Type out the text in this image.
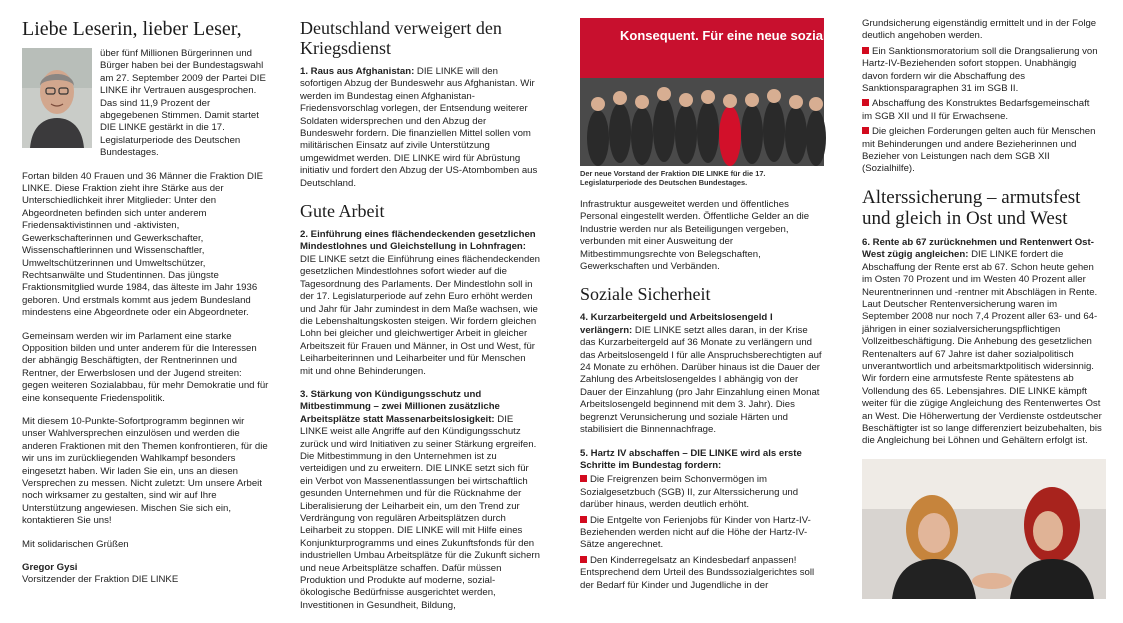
Liebe Leserin, lieber Leser,

über fünf Millionen Bürgerinnen und Bürger haben bei der Bundestagswahl am 27. September 2009 der Partei DIE LINKE ihr Vertrauen ausgesprochen. Das sind 11,9 Prozent der abgegebenen Stimmen. Damit startet DIE LINKE gestärkt in die 17. Legislaturperiode des Deutschen Bundestages.

Fortan bilden 40 Frauen und 36 Männer die Fraktion DIE LINKE. Diese Fraktion zieht ihre Stärke aus der Unterschiedlichkeit ihrer Mitglieder: Unter den Abgeordneten befinden sich unter anderem Friedensaktivistinnen und -aktivisten, Gewerkschafterinnen und Gewerkschafter, Wissenschaftlerinnen und Wissenschaftler, Umweltschützerinnen und Umweltschützer, Rechtsanwälte und Studentinnen. Das jüngste Fraktionsmitglied wurde 1984, das älteste im Jahr 1936 geboren. Und erstmals kommt aus jedem Bundesland mindestens eine Abgeordnete oder ein Abgeordneter.

Gemeinsam werden wir im Parlament eine starke Opposition bilden und unter anderem für die Interessen der abhängig Beschäftigten, der Rentnerinnen und Rentner, der Erwerbslosen und der Jugend streiten: gegen weiteren Sozialabbau, für mehr Demokratie und für eine konsequente Friedenspolitik.

Mit diesem 10-Punkte-Sofortprogramm beginnen wir unser Wahlversprechen einzulösen und werden die anderen Fraktionen mit den Themen konfrontieren, für die wir uns im zurückliegenden Wahlkampf besonders eingesetzt haben. Wir laden Sie ein, uns an diesen Versprechen zu messen. Nicht zuletzt: Um unsere Arbeit noch wirksamer zu gestalten, sind wir auf Ihre Unterstützung angewiesen. Mischen Sie sich ein, kontaktieren Sie uns!

Mit solidarischen Grüßen

Gregor Gysi
Vorsitzender der Fraktion DIE LINKE
Deutschland verweigert den Kriegsdienst

1. Raus aus Afghanistan: DIE LINKE will den sofortigen Abzug der Bundeswehr aus Afghanistan. Wir werden im Bundestag einen Afghanistan-Friedensvorschlag vorlegen, der Entsendung weiterer Soldaten widersprechen und den Abzug der Bundeswehr fordern. Die finanziellen Mittel sollen vom militärischen Einsatz auf zivile Unterstützung umgewidmet werden. DIE LINKE wird für Abrüstung initiativ und fordert den Abzug der US-Atombomben aus Deutschland.

Gute Arbeit

2. Einführung eines flächendeckenden gesetzlichen Mindestlohnes und Gleichstellung in Lohnfragen: DIE LINKE setzt die Einführung eines flächendeckenden gesetzlichen Mindestlohnes sofort wieder auf die Tagesordnung des Parlaments. Der Mindestlohn soll in der 17. Legislaturperiode auf zehn Euro erhöht werden und Jahr für Jahr zumindest in dem Maße wachsen, wie die Lebenshaltungskosten steigen. Wir fordern gleichen Lohn bei gleicher und gleichwertiger Arbeit in gleicher Arbeitszeit für Frauen und Männer, in Ost und West, für Leiharbeiterinnen und Leiharbeiter und für Menschen mit und ohne Behinderungen.

3. Stärkung von Kündigungsschutz und Mitbestimmung – zwei Millionen zusätzliche Arbeitsplätze statt Massenarbeitslosigkeit: DIE LINKE weist alle Angriffe auf den Kündigungsschutz zurück und wird Initiativen zu seiner Stärkung ergreifen. Die Mitbestimmung in den Unternehmen ist zu verteidigen und zu erweitern. DIE LINKE setzt sich für ein Verbot von Massenentlassungen bei wirtschaftlich gesunden Unternehmen und für die Rücknahme der Liberalisierung der Leiharbeit ein, um den Trend zur Verdrängung von regulären Arbeitsplätzen durch Leiharbeit zu stoppen. DIE LINKE will mit Hilfe eines Konjunkturprogramms und eines Zukunftsfonds für den industriellen Umbau Arbeitsplätze für die Zukunft sichern und neue Arbeitsplätze schaffen. Dafür müssen Produktion und Produkte auf moderne, sozial-ökologische Bedürfnisse ausgerichtet werden, Investitionen in Gesundheit, Bildung,

Konsequent. Für eine neue soziale Idee.

Der neue Vorstand der Fraktion DIE LINKE für die 17. Legislaturperiode des Deutschen Bundestages.

Infrastruktur ausgeweitet werden und öffentliches Personal eingestellt werden. Öffentliche Gelder an die Industrie werden nur als Beteiligungen vergeben, verbunden mit einer Ausweitung der Mitbestimmungsrechte von Belegschaften, Gewerkschaften und Verbänden.

Soziale Sicherheit

4. Kurzarbeitergeld und Arbeitslosengeld I verlängern: DIE LINKE setzt alles daran, in der Krise das Kurzarbeitergeld auf 36 Monate zu verlängern und das Arbeitslosengeld I für alle Anspruchsberechtigten auf 24 Monate zu erhöhen. Darüber hinaus ist die Dauer der Zahlung des Arbeitslosengeldes I abhängig von der Dauer der Einzahlung (pro Jahr Einzahlung einen Monat Arbeitslosengeld beginnend mit dem 3. Jahr). Dies begrenzt Verunsicherung und soziale Härten und stabilisiert die Binnennachfrage.

5. Hartz IV abschaffen – DIE LINKE wird als erste Schritte im Bundestag fordern:

Die Freigrenzen beim Schonvermögen im Sozialgesetzbuch (SGB) II, zur Alterssicherung und darüber hinaus, werden deutlich erhöht.

Die Entgelte von Ferienjobs für Kinder von Hartz-IV-Beziehenden werden nicht auf die Höhe der Hartz-IV-Sätze angerechnet.

Den Kinderregelsatz an Kindesbedarf anpassen! Entsprechend dem Urteil des Bundssozialgerichtes soll der Bedarf für Kinder und Jugendliche in der

Grundsicherung eigenständig ermittelt und in der Folge deutlich angehoben werden.

Ein Sanktionsmoratorium soll die Drangsalierung von Hartz-IV-Beziehenden sofort stoppen. Unabhängig davon fordern wir die Abschaffung des Sanktionsparagraphen 31 im SGB II.

Abschaffung des Konstruktes Bedarfsgemeinschaft im SGB XII und II für Erwachsene.

Die gleichen Forderungen gelten auch für Menschen mit Behinderungen und andere Bezieherinnen und Bezieher von Leistungen nach dem SGB XII (Sozialhilfe).

Alterssicherung – armutsfest und gleich in Ost und West

6. Rente ab 67 zurücknehmen und Rentenwert Ost-West zügig angleichen: DIE LINKE fordert die Abschaffung der Rente erst ab 67. Schon heute gehen im Osten 70 Prozent und im Westen 40 Prozent aller Neurentnerinnen und -rentner mit Abschlägen in Rente. Laut Deutscher Rentenversicherung waren im September 2008 nur noch 7,4 Prozent aller 63- und 64-jährigen in einer sozialversicherungspflichtigen Vollzeitbeschäftigung. Die Anhebung des gesetzlichen Rentenalters auf 67 Jahre ist daher sozialpolitisch unverantwortlich und arbeitsmarktpolitisch widersinnig. Wir fordern eine armutsfeste Rente spätestens ab Vollendung des 65. Lebensjahres. DIE LINKE kämpft weiter für die zügige Angleichung des Rentenwertes Ost an West. Die Höherwertung der Verdienste ostdeutscher Beschäftigter ist so lange differenziert beizubehalten, bis die Angleichung bei Löhnen und Gehältern erfolgt ist.
